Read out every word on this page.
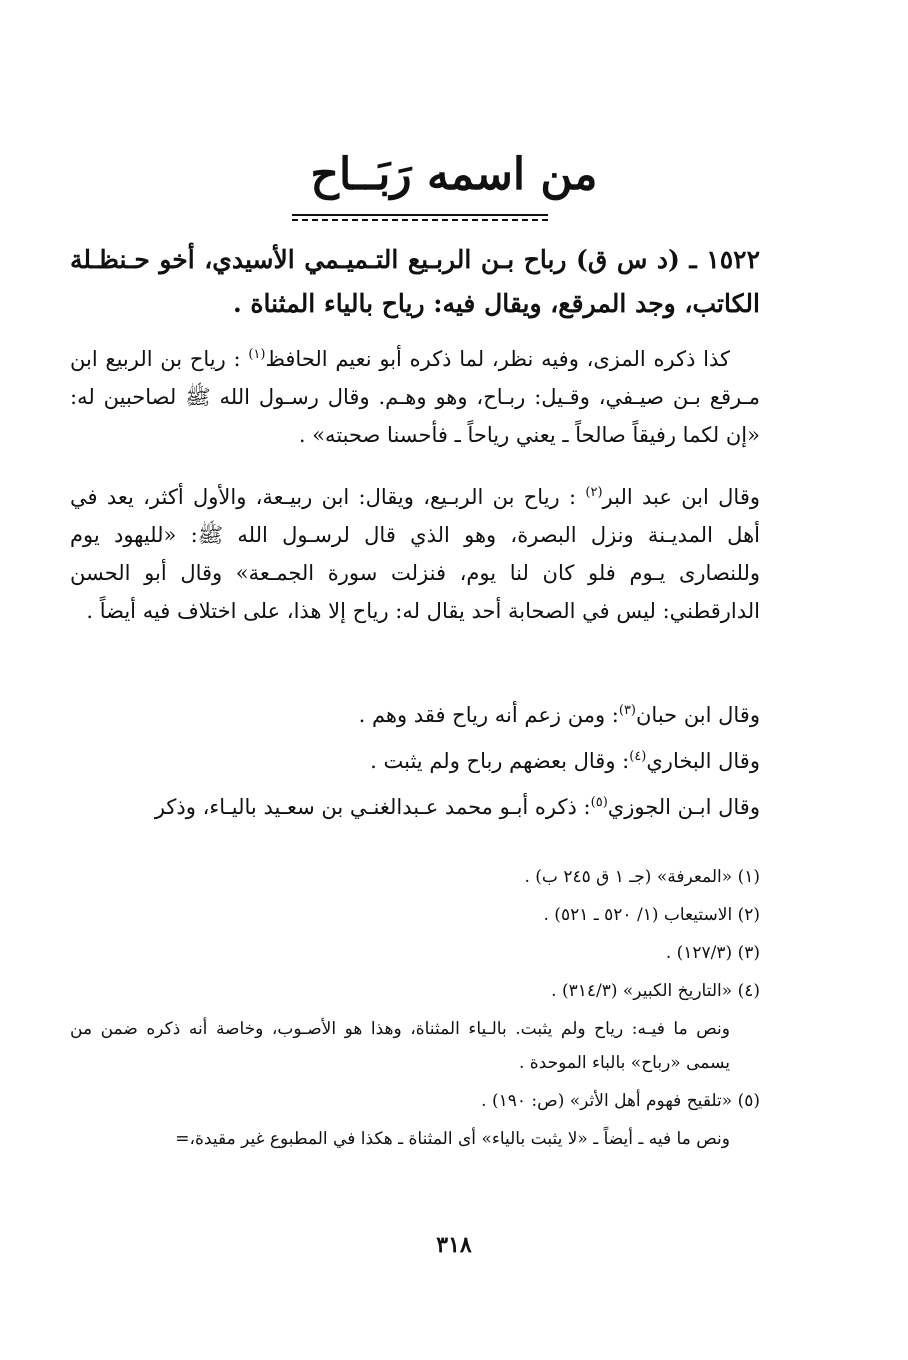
من اسمه رَبَــاح
١٥٢٢ ـ (د س ق) رباح بـن الربـيع التـميـمي الأسيدي، أخو حـنظـلة الكاتب، وجد المرقع، ويقال فيه: رياح بالياء المثناة .
كذا ذكره المزى، وفيه نظر، لما ذكره أبو نعيم الحافظ$^{(١)}$ : رياح بن الربيع ابن مـرقع بـن صيـفي، وقـيل: ربـاح، وهو وهـم. وقال رسـول الله ﷺ لصاحبين له: «إن لكما رفيقاً صالحاً ـ يعني رياحاً ـ فأحسنا صحبته» .
وقال ابن عبد البر$^{(٢)}$ : رياح بن الربـيع، ويقال: ابن ربيـعة، والأول أكثر، يعد في أهل المديـنة ونزل البصرة، وهو الذي قال لرسـول الله ﷺ: «لليهود يوم وللنصارى يـوم فلو كان لنا يوم، فنزلت سورة الجمـعة» وقال أبو الحسن الدارقطني: ليس في الصحابة أحد يقال له: رياح إلا هذا، على اختلاف فيه أيضاً .
وقال ابن حبان$^{(٣)}$: ومن زعم أنه رياح فقد وهم .
وقال البخاري$^{(٤)}$: وقال بعضهم رباح ولم يثبت .
وقال ابـن الجوزي$^{(٥)}$: ذكره أبـو محمد عـبدالغنـي بن سعـيد باليـاء، وذكر

(١) «المعرفة» (جـ ١ ق ٢٤٥ ب) .

(٢) الاستيعاب (١/ ٥٢٠ ـ ٥٢١) .

(٣) (١٢٧/٣) .

(٤) «التاريخ الكبير» (٣١٤/٣) .

ونص ما فيـه: رياح ولم يثبت. بالـياء المثناة، وهذا هو الأصـوب، وخاصة أنه ذكره ضمن من يسمى «رباح» بالباء الموحدة .

(٥) «تلقيح فهوم أهل الأثر» (ص: ١٩٠) .

ونص ما فيه ـ أيضاً ـ «لا يثبت بالياء» أى المثناة ـ هكذا في المطبوع غير مقيدة،=

٣١٨
